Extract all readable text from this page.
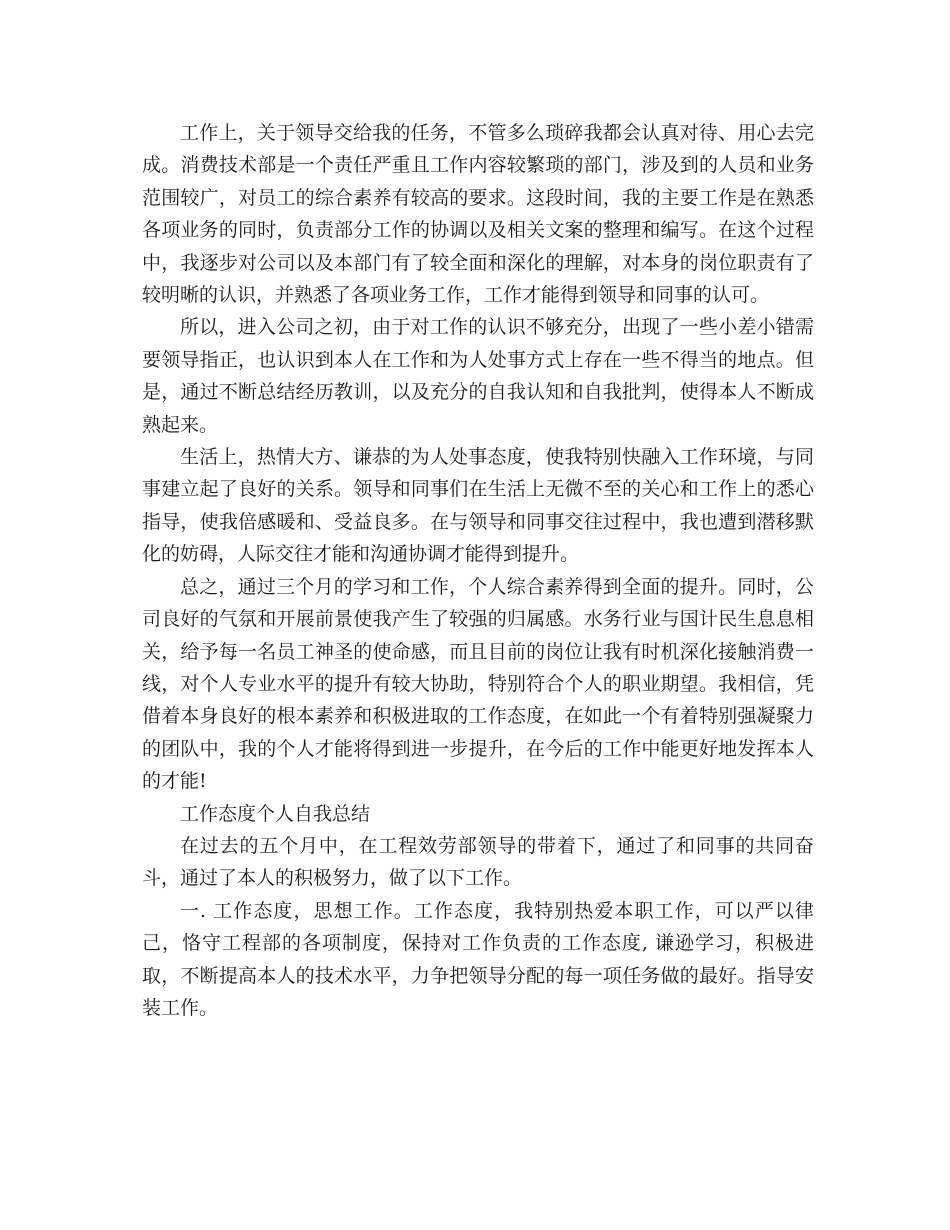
工作上，关于领导交给我的任务，不管多么琐碎我都会认真对待、用心去完成。消费技术部是一个责任严重且工作内容较繁琐的部门，涉及到的人员和业务范围较广，对员工的综合素养有较高的要求。这段时间，我的主要工作是在熟悉各项业务的同时，负责部分工作的协调以及相关文案的整理和编写。在这个过程中，我逐步对公司以及本部门有了较全面和深化的理解，对本身的岗位职责有了较明晰的认识，并熟悉了各项业务工作，工作才能得到领导和同事的认可。

所以，进入公司之初，由于对工作的认识不够充分，出现了一些小差小错需要领导指正，也认识到本人在工作和为人处事方式上存在一些不得当的地点。但是，通过不断总结经历教训，以及充分的自我认知和自我批判，使得本人不断成熟起来。

生活上，热情大方、谦恭的为人处事态度，使我特别快融入工作环境，与同事建立起了良好的关系。领导和同事们在生活上无微不至的关心和工作上的悉心指导，使我倍感暖和、受益良多。在与领导和同事交往过程中，我也遭到潜移默化的妨碍，人际交往才能和沟通协调才能得到提升。

总之，通过三个月的学习和工作，个人综合素养得到全面的提升。同时，公司良好的气氛和开展前景使我产生了较强的归属感。水务行业与国计民生息息相关，给予每一名员工神圣的使命感，而且目前的岗位让我有时机深化接触消费一线，对个人专业水平的提升有较大协助，特别符合个人的职业期望。我相信，凭借着本身良好的根本素养和积极进取的工作态度，在如此一个有着特别强凝聚力的团队中，我的个人才能将得到进一步提升，在今后的工作中能更好地发挥本人的才能!

工作态度个人自我总结

在过去的五个月中，在工程效劳部领导的带着下，通过了和同事的共同奋斗，通过了本人的积极努力，做了以下工作。

一. 工作态度，思想工作。工作态度，我特别热爱本职工作，可以严以律己，恪守工程部的各项制度，保持对工作负责的工作态度, 谦逊学习，积极进取，不断提高本人的技术水平，力争把领导分配的每一项任务做的最好。指导安装工作。
